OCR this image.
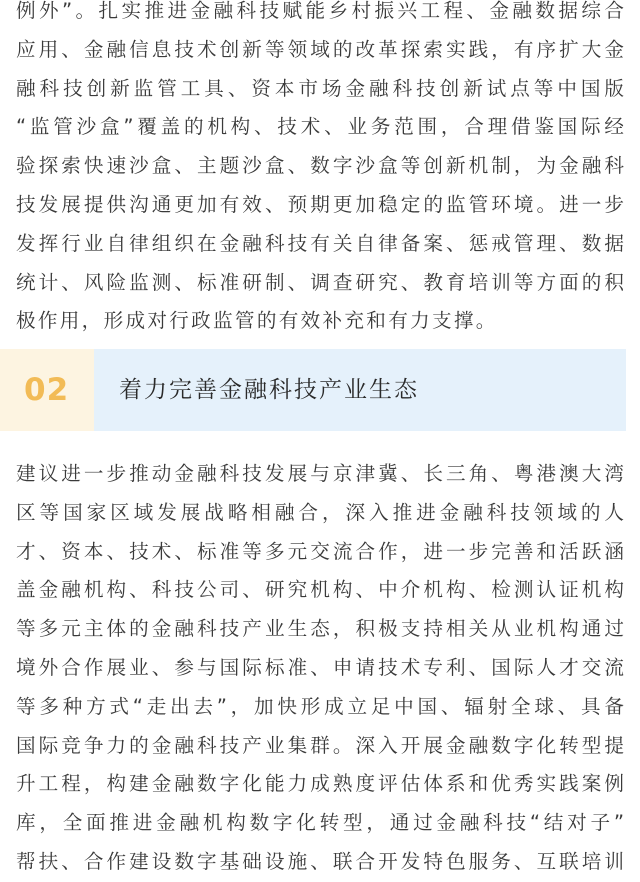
例外”。扎实推进金融科技赋能乡村振兴工程、金融数据综合
应用、金融信息技术创新等领域的改革探索实践，有序扩大金
融科技创新监管工具、资本市场金融科技创新试点等中国版
“监管沙盒”覆盖的机构、技术、业务范围，合理借鉴国际经
验探索快速沙盒、主题沙盒、数字沙盒等创新机制，为金融科
技发展提供沟通更加有效、预期更加稳定的监管环境。进一步
发挥行业自律组织在金融科技有关自律备案、惩戒管理、数据
统计、风险监测、标准研制、调查研究、教育培训等方面的积
极作用，形成对行政监管的有效补充和有力支撑。
02	着力完善金融科技产业生态
建议进一步推动金融科技发展与京津冀、长三角、粤港澳大湾
区等国家区域发展战略相融合，深入推进金融科技领域的人
才、资本、技术、标准等多元交流合作，进一步完善和活跃涵
盖金融机构、科技公司、研究机构、中介机构、检测认证机构
等多元主体的金融科技产业生态，积极支持相关从业机构通过
境外合作展业、参与国际标准、申请技术专利、国际人才交流
等多种方式“走出去”，加快形成立足中国、辐射全球、具备
国际竞争力的金融科技产业集群。深入开展金融数字化转型提
升工程，构建金融数字化能力成熟度评估体系和优秀实践案例
库，全面推进金融机构数字化转型，通过金融科技“结对子”
帮扶、合作建设数字基础设施、联合开发特色服务、互联培训
